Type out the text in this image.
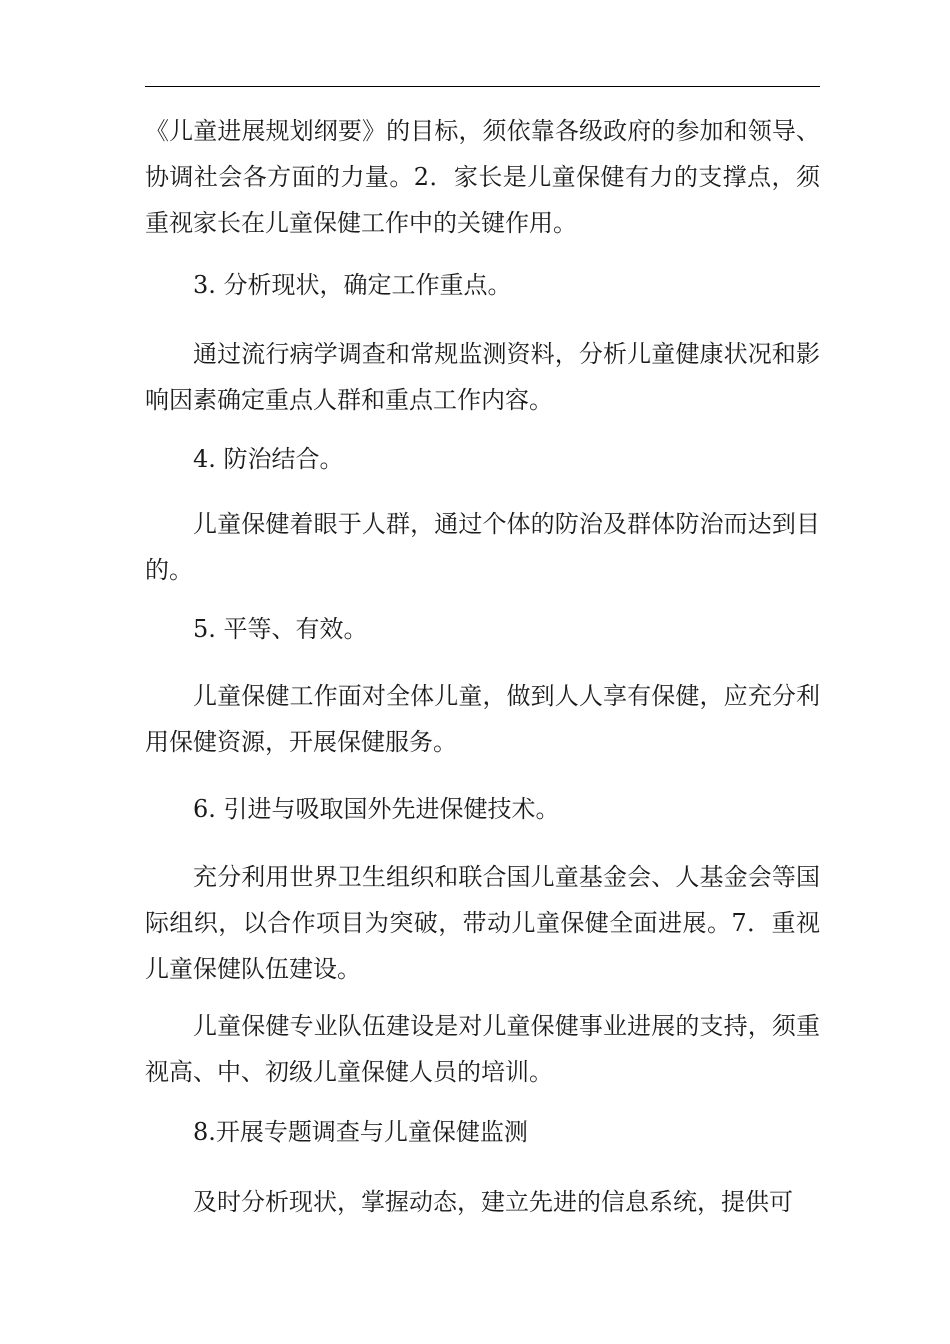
《儿童进展规划纲要》的目标，须依靠各级政府的参加和领导、协调社会各方面的力量。2．家长是儿童保健有力的支撑点，须重视家长在儿童保健工作中的关键作用。

3. 分析现状，确定工作重点。

通过流行病学调查和常规监测资料，分析儿童健康状况和影响因素确定重点人群和重点工作内容。

4. 防治结合。

儿童保健着眼于人群，通过个体的防治及群体防治而达到目的。

5. 平等、有效。

儿童保健工作面对全体儿童，做到人人享有保健，应充分利用保健资源，开展保健服务。

6. 引进与吸取国外先进保健技术。

充分利用世界卫生组织和联合国儿童基金会、人基金会等国际组织，以合作项目为突破，带动儿童保健全面进展。7．重视儿童保健队伍建设。

儿童保健专业队伍建设是对儿童保健事业进展的支持，须重视高、中、初级儿童保健人员的培训。

8.开展专题调查与儿童保健监测

及时分析现状，掌握动态，建立先进的信息系统，提供可
